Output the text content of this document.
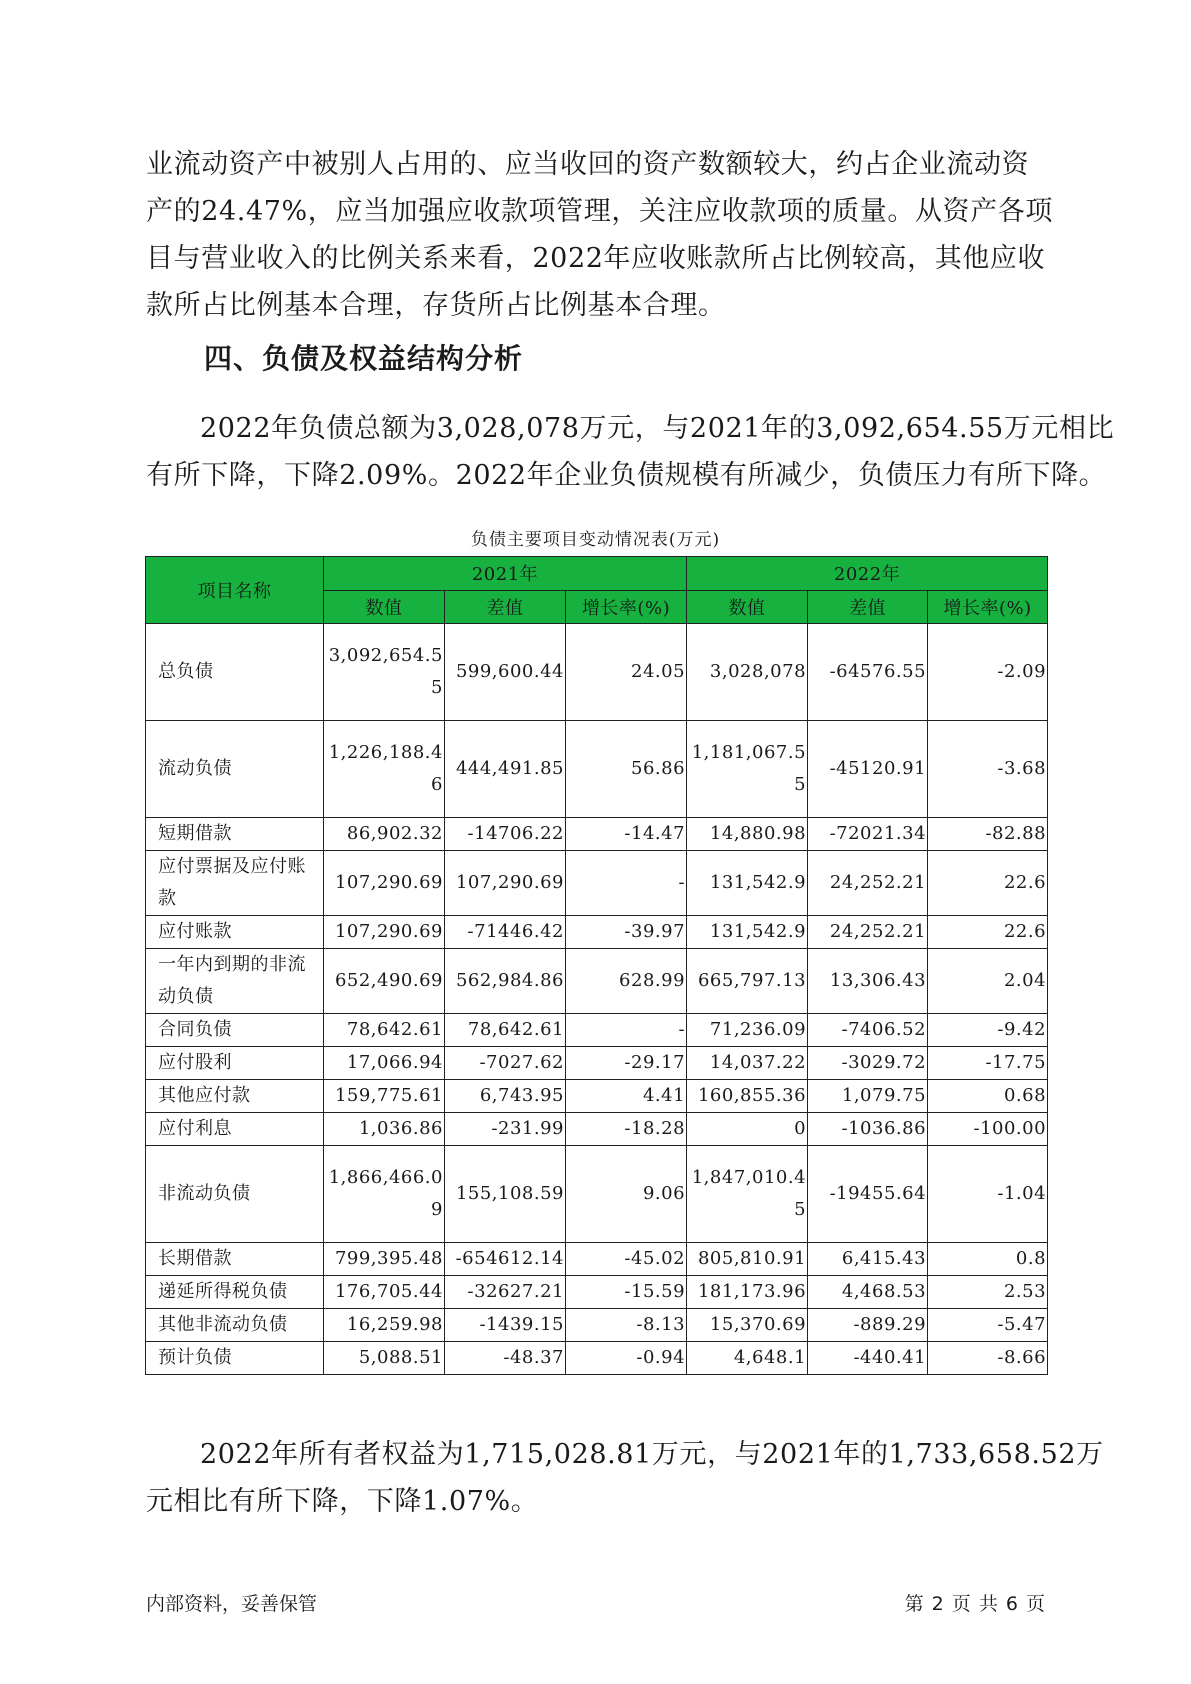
业流动资产中被别人占用的、应当收回的资产数额较大，约占企业流动资
产的24.47%，应当加强应收款项管理，关注应收款项的质量。从资产各项
目与营业收入的比例关系来看，2022年应收账款所占比例较高，其他应收
款所占比例基本合理，存货所占比例基本合理。
四、负债及权益结构分析
2022年负债总额为3,028,078万元，与2021年的3,092,654.55万元相比
有所下降，下降2.09%。2022年企业负债规模有所减少，负债压力有所下降。

负债主要项目变动情况表(万元)

项目名称	2021年			2022年		
	数值	差值	增长率(%)	数值	差值	增长率(%)
总负债	3,092,654.55	599,600.44	24.05	3,028,078	-64576.55	-2.09
流动负债	1,226,188.46	444,491.85	56.86	1,181,067.55	-45120.91	-3.68
短期借款	86,902.32	-14706.22	-14.47	14,880.98	-72021.34	-82.88
应付票据及应付账款	107,290.69	107,290.69	-	131,542.9	24,252.21	22.6
应付账款	107,290.69	-71446.42	-39.97	131,542.9	24,252.21	22.6
一年内到期的非流动负债	652,490.69	562,984.86	628.99	665,797.13	13,306.43	2.04
合同负债	78,642.61	78,642.61	-	71,236.09	-7406.52	-9.42
应付股利	17,066.94	-7027.62	-29.17	14,037.22	-3029.72	-17.75
其他应付款	159,775.61	6,743.95	4.41	160,855.36	1,079.75	0.68
应付利息	1,036.86	-231.99	-18.28	0	-1036.86	-100.00
非流动负债	1,866,466.09	155,108.59	9.06	1,847,010.45	-19455.64	-1.04
长期借款	799,395.48	-654612.14	-45.02	805,810.91	6,415.43	0.8
递延所得税负债	176,705.44	-32627.21	-15.59	181,173.96	4,468.53	2.53
其他非流动负债	16,259.98	-1439.15	-8.13	15,370.69	-889.29	-5.47
预计负债	5,088.51	-48.37	-0.94	4,648.1	-440.41	-8.66
2022年所有者权益为1,715,028.81万元，与2021年的1,733,658.52万
元相比有所下降，下降1.07%。

内部资料，妥善保管	第 2 页 共 6 页
